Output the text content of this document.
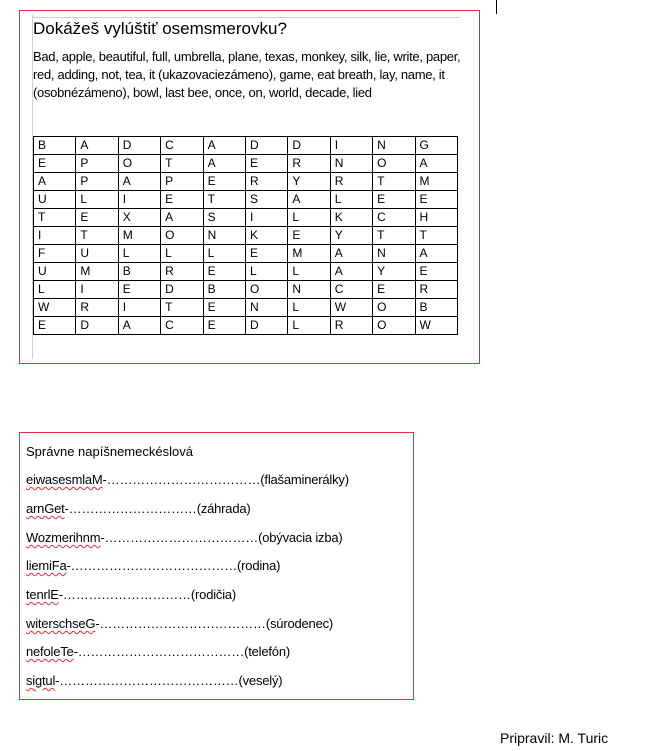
Dokážeš vylúštiť osemsmerovku?
Bad, apple, beautiful, full, umbrella, plane, texas, monkey, silk, lie, write, paper, red, adding, not, tea, it (ukazovaciezámeno), game, eat breath, lay, name, it (osobnézámeno), bowl, last bee, once, on, world, decade, lied
B	A	D	C	A	D	D	I	N	G
E	P	O	T	A	E	R	N	O	A
A	P	A	P	E	R	Y	R	T	M
U	L	I	E	T	S	A	L	E	E
T	E	X	A	S	I	L	K	C	H
I	T	M	O	N	K	E	Y	T	T
F	U	L	L	L	E	M	A	N	A
U	M	B	R	E	L	L	A	Y	E
L	I	E	D	B	O	N	C	E	R
W	R	I	T	E	N	L	W	O	B
E	D	A	C	E	D	L	R	O	W
Správne napíšnemeckéslová
eiwasesmlaM-………………………………(flašaminerálky)
arnGet-…………………………(záhrada)
Wozmerihnm-………………………………(obývacia izba)
liemiFa-…………………………………(rodina)
tenrlE-…………………………(rodičia)
witerschseG-…………………………………(súrodenec)
nefoleTe-…………………………………(telefón)
sigtul-……………………………………(veselý)
Pripravil: M. Turic
